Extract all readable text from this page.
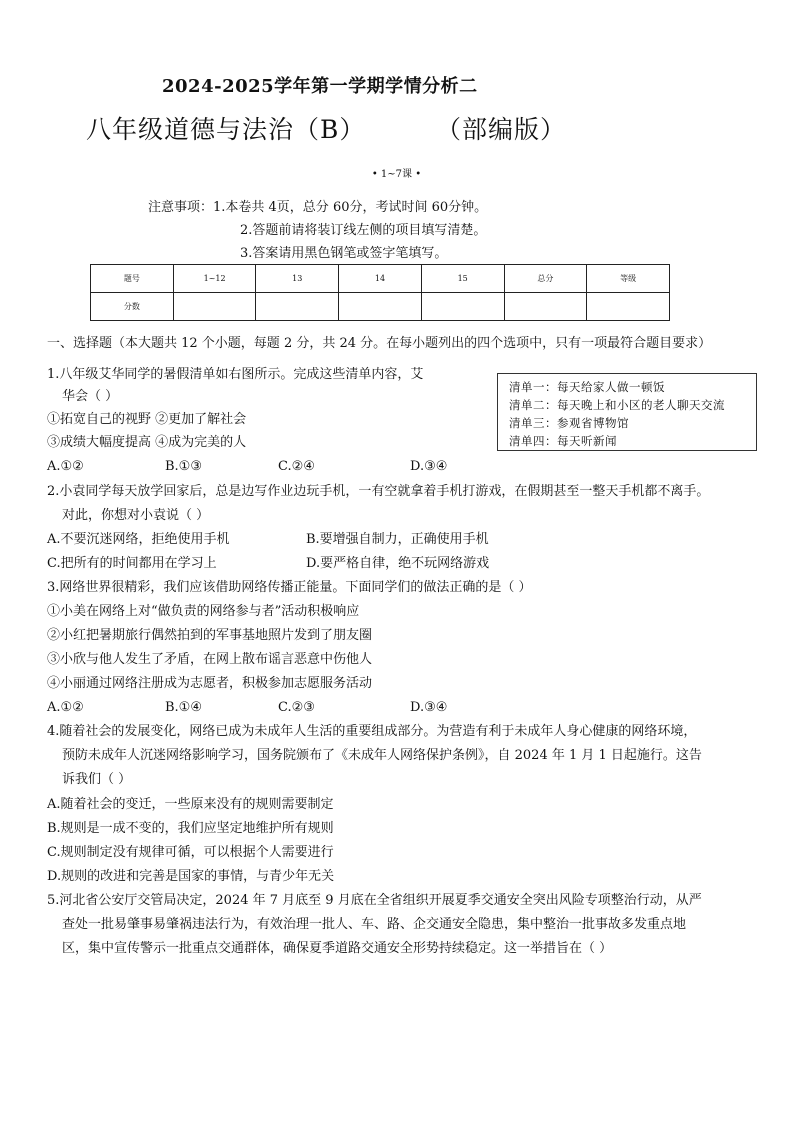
2024-2025学年第一学期学情分析二
八年级道德与法治（B）	（部编版）
• 1~7课 •
注意事项：1.本卷共 4页，总分 60分，考试时间 60分钟。
2.答题前请将装订线左侧的项目填写清楚。
3.答案请用黑色钢笔或签字笔填写。
题号	1~12	13	14	15	总分	等级
分数						
一、选择题（本大题共 12 个小题，每题 2 分，共 24 分。在每小题列出的四个选项中，只有一项最符合题目要求）
1.八年级艾华同学的暑假清单如右图所示。完成这些清单内容，艾
华会（ ）
①拓宽自己的视野 ②更加了解社会
③成绩大幅度提高 ④成为完美的人
A.①②	B.①③	C.②④	D.③④
清单一：每天给家人做一顿饭
清单二：每天晚上和小区的老人聊天交流
清单三：参观省博物馆
清单四：每天听新闻
2.小袁同学每天放学回家后，总是边写作业边玩手机，一有空就拿着手机打游戏，在假期甚至一整天手机都不离手。
对此，你想对小袁说（ ）
A.不要沉迷网络，拒绝使用手机	B.要增强自制力，正确使用手机
C.把所有的时间都用在学习上	D.要严格自律，绝不玩网络游戏
3.网络世界很精彩，我们应该借助网络传播正能量。下面同学们的做法正确的是（ ）
①小美在网络上对“做负责的网络参与者”活动积极响应
②小红把暑期旅行偶然拍到的军事基地照片发到了朋友圈
③小欣与他人发生了矛盾，在网上散布谣言恶意中伤他人
④小丽通过网络注册成为志愿者，积极参加志愿服务活动
A.①②	B.①④	C.②③	D.③④
4.随着社会的发展变化，网络已成为未成年人生活的重要组成部分。为营造有利于未成年人身心健康的网络环境，
预防未成年人沉迷网络影响学习，国务院颁布了《未成年人网络保护条例》，自 2024 年 1 月 1 日起施行。这告
诉我们（ ）
A.随着社会的变迁，一些原来没有的规则需要制定
B.规则是一成不变的，我们应坚定地维护所有规则
C.规则制定没有规律可循，可以根据个人需要进行
D.规则的改进和完善是国家的事情，与青少年无关
5.河北省公安厅交管局决定，2024 年 7 月底至 9 月底在全省组织开展夏季交通安全突出风险专项整治行动，从严
查处一批易肇事易肇祸违法行为，有效治理一批人、车、路、企交通安全隐患，集中整治一批事故多发重点地
区，集中宣传警示一批重点交通群体，确保夏季道路交通安全形势持续稳定。这一举措旨在（ ）
